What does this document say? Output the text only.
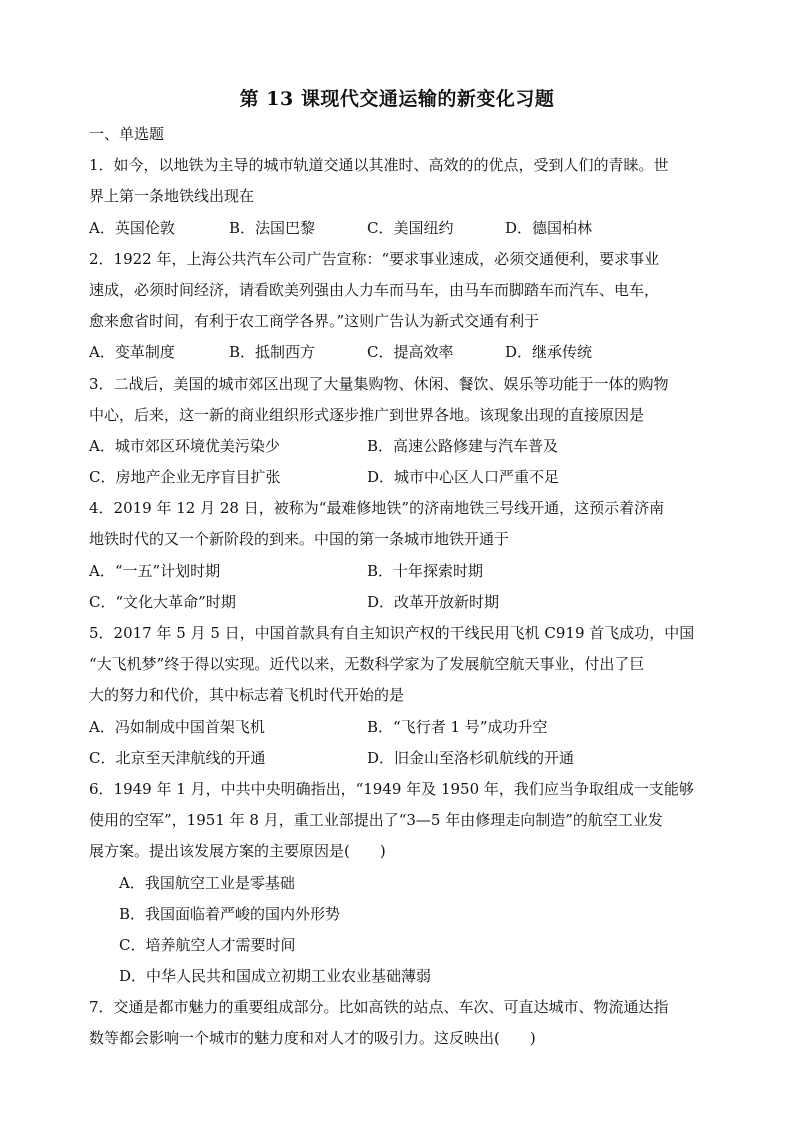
第 13 课现代交通运输的新变化习题
一、单选题
1．如今，以地铁为主导的城市轨道交通以其准时、高效的的优点，受到人们的青睐。世
界上第一条地铁线出现在
A．英国伦敦	B．法国巴黎	C．美国纽约	D．德国柏林
2．1922 年，上海公共汽车公司广告宣称：“要求事业速成，必须交通便利，要求事业
速成，必须时间经济，请看欧美列强由人力车而马车，由马车而脚踏车而汽车、电车，
愈来愈省时间，有利于农工商学各界。”这则广告认为新式交通有利于
A．变革制度	B．抵制西方	C．提高效率	D．继承传统
3．二战后，美国的城市郊区出现了大量集购物、休闲、餐饮、娱乐等功能于一体的购物
中心，后来，这一新的商业组织形式逐步推广到世界各地。该现象出现的直接原因是
A．城市郊区环境优美污染少	B．高速公路修建与汽车普及
C．房地产企业无序盲目扩张	D．城市中心区人口严重不足
4．2019 年 12 月 28 日，被称为“最难修地铁”的济南地铁三号线开通，这预示着济南
地铁时代的又一个新阶段的到来。中国的第一条城市地铁开通于
A．“一五”计划时期	B．十年探索时期
C．“文化大革命”时期	D．改革开放新时期
5．2017 年 5 月 5 日，中国首款具有自主知识产权的干线民用飞机 C919 首飞成功，中国
“大飞机梦”终于得以实现。近代以来，无数科学家为了发展航空航天事业，付出了巨
大的努力和代价，其中标志着飞机时代开始的是
A．冯如制成中国首架飞机	B．“飞行者 1 号”成功升空
C．北京至天津航线的开通	D．旧金山至洛杉矶航线的开通
6．1949 年 1 月，中共中央明确指出，“1949 年及 1950 年，我们应当争取组成一支能够
使用的空军”，1951 年 8 月，重工业部提出了“3—5 年由修理走向制造”的航空工业发
展方案。提出该发展方案的主要原因是(　　)
A．我国航空工业是零基础
B．我国面临着严峻的国内外形势
C．培养航空人才需要时间
D．中华人民共和国成立初期工业农业基础薄弱
7．交通是都市魅力的重要组成部分。比如高铁的站点、车次、可直达城市、物流通达指
数等都会影响一个城市的魅力度和对人才的吸引力。这反映出(　　)
